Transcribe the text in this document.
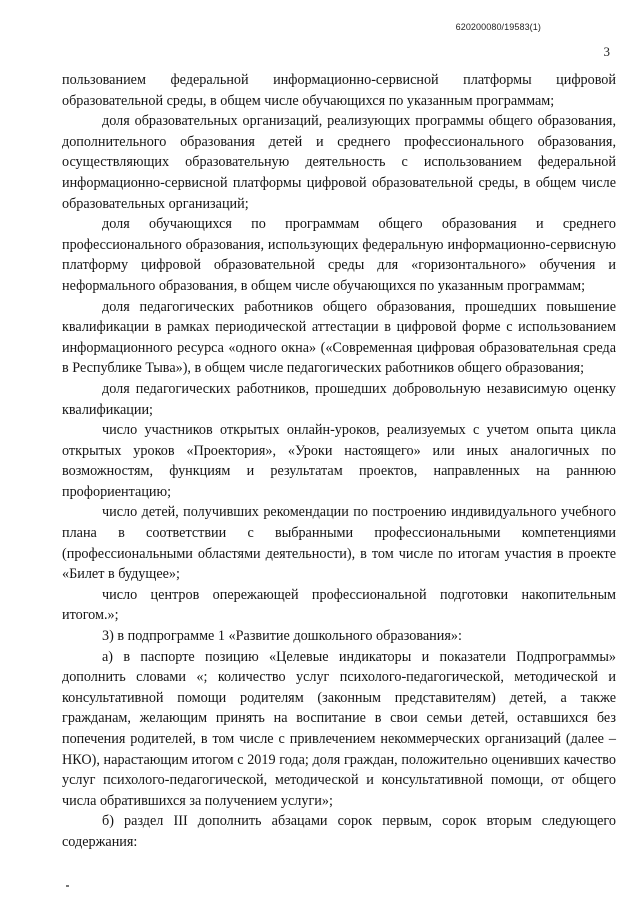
620200080/19583(1)
3

пользованием федеральной информационно-сервисной платформы цифровой образовательной среды, в общем числе обучающихся по указанным программам;

доля образовательных организаций, реализующих программы общего образования, дополнительного образования детей и среднего профессионального образования, осуществляющих образовательную деятельность с использованием федеральной информационно-сервисной платформы цифровой образовательной среды, в общем числе образовательных организаций;

доля обучающихся по программам общего образования и среднего профессионального образования, использующих федеральную информационно-сервисную платформу цифровой образовательной среды для «горизонтального» обучения и неформального образования, в общем числе обучающихся по указанным программам;

доля педагогических работников общего образования, прошедших повышение квалификации в рамках периодической аттестации в цифровой форме с использованием информационного ресурса «одного окна» («Современная цифровая образовательная среда в Республике Тыва»), в общем числе педагогических работников общего образования;

доля педагогических работников, прошедших добровольную независимую оценку квалификации;

число участников открытых онлайн-уроков, реализуемых с учетом опыта цикла открытых уроков «Проектория», «Уроки настоящего» или иных аналогичных по возможностям, функциям и результатам проектов, направленных на раннюю профориентацию;

число детей, получивших рекомендации по построению индивидуального учебного плана в соответствии с выбранными профессиональными компетенциями (профессиональными областями деятельности), в том числе по итогам участия в проекте «Билет в будущее»;

число центров опережающей профессиональной подготовки накопительным итогом.»;

3) в подпрограмме 1 «Развитие дошкольного образования»:

а) в паспорте позицию «Целевые индикаторы и показатели Подпрограммы» дополнить словами «; количество услуг психолого-педагогической, методической и консультативной помощи родителям (законным представителям) детей, а также гражданам, желающим принять на воспитание в свои семьи детей, оставшихся без попечения родителей, в том числе с привлечением некоммерческих организаций (далее – НКО), нарастающим итогом с 2019 года; доля граждан, положительно оценивших качество услуг психолого-педагогической, методической и консультативной помощи, от общего числа обратившихся за получением услуги»;

б) раздел III дополнить абзацами сорок первым, сорок вторым следующего содержания:
